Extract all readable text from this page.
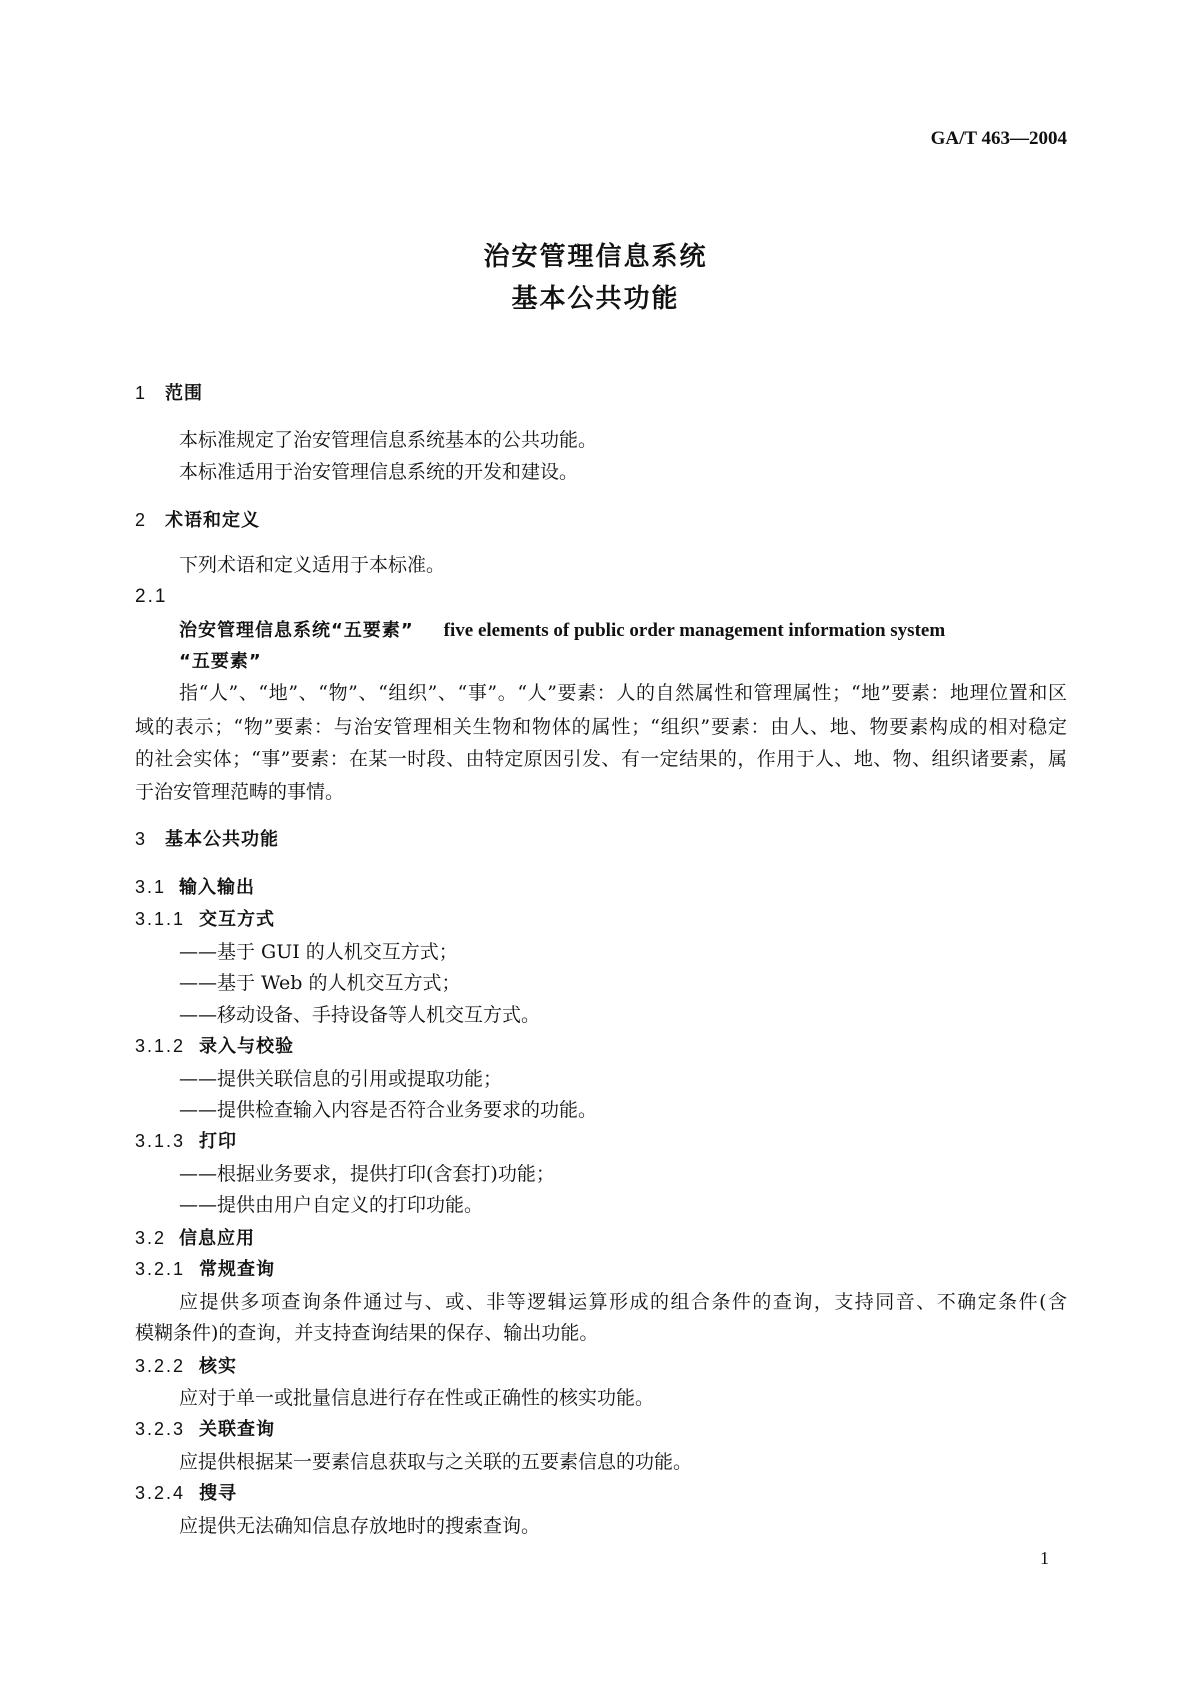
GA/T 463—2004
治安管理信息系统
基本公共功能
1 范围
本标准规定了治安管理信息系统基本的公共功能。
本标准适用于治安管理信息系统的开发和建设。
2 术语和定义
下列术语和定义适用于本标准。
2.1
治安管理信息系统“五要素” five elements of public order management information system
“五要素”
指“人”、“地”、“物”、“组织”、“事”。“人”要素：人的自然属性和管理属性；“地”要素：地理位置和区
域的表示；“物”要素：与治安管理相关生物和物体的属性；“组织”要素：由人、地、物要素构成的相对稳定
的社会实体；“事”要素：在某一时段、由特定原因引发、有一定结果的，作用于人、地、物、组织诸要素，属
于治安管理范畴的事情。
3 基本公共功能
3.1 输入输出
3.1.1 交互方式
——基于 GUI 的人机交互方式；
——基于 Web 的人机交互方式；
——移动设备、手持设备等人机交互方式。
3.1.2 录入与校验
——提供关联信息的引用或提取功能；
——提供检查输入内容是否符合业务要求的功能。
3.1.3 打印
——根据业务要求，提供打印(含套打)功能；
——提供由用户自定义的打印功能。
3.2 信息应用
3.2.1 常规查询
应提供多项查询条件通过与、或、非等逻辑运算形成的组合条件的查询，支持同音、不确定条件(含
模糊条件)的查询，并支持查询结果的保存、输出功能。
3.2.2 核实
应对于单一或批量信息进行存在性或正确性的核实功能。
3.2.3 关联查询
应提供根据某一要素信息获取与之关联的五要素信息的功能。
3.2.4 搜寻
应提供无法确知信息存放地时的搜索查询。
1
